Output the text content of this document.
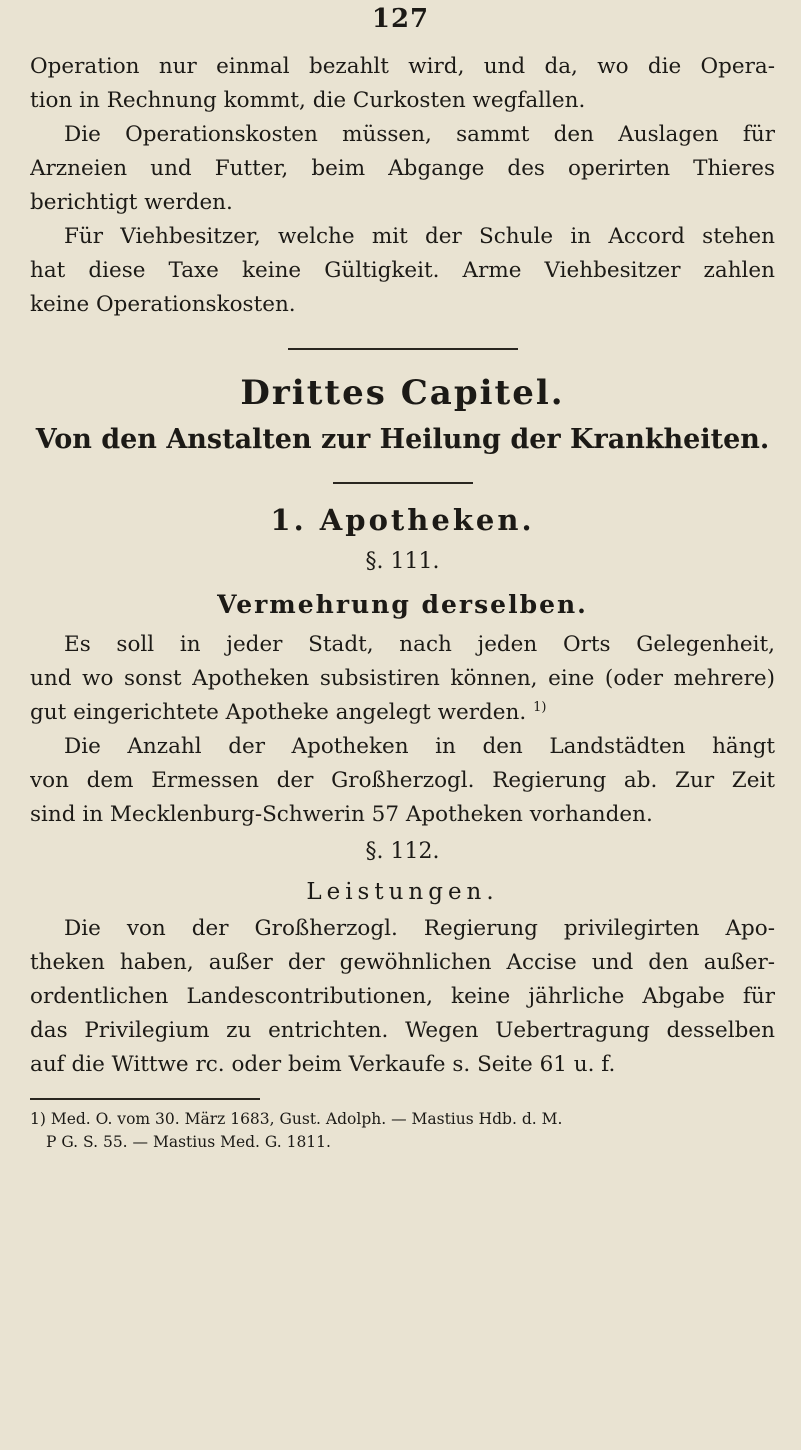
127
Operation nur einmal bezahlt wird, und da, wo die Opera-
tion in Rechnung kommt, die Curkosten wegfallen.
Die Operationskosten müssen, sammt den Auslagen für
Arzneien und Futter, beim Abgange des operirten Thieres
berichtigt werden.
Für Viehbesitzer, welche mit der Schule in Accord stehen
hat diese Taxe keine Gültigkeit. Arme Viehbesitzer zahlen
keine Operationskosten.
Drittes Capitel.
Von den Anstalten zur Heilung der Krankheiten.
1. Apotheken.
§. 111.
Vermehrung derselben.
Es soll in jeder Stadt, nach jeden Orts Gelegenheit,
und wo sonst Apotheken subsistiren können, eine (oder mehrere)
gut eingerichtete Apotheke angelegt werden. $^{1)}$
Die Anzahl der Apotheken in den Landstädten hängt
von dem Ermessen der Großherzogl. Regierung ab. Zur Zeit
sind in Mecklenburg-Schwerin 57 Apotheken vorhanden.
§. 112.
Leistungen.
Die von der Großherzogl. Regierung privilegirten Apo-
theken haben, außer der gewöhnlichen Accise und den außer-
ordentlichen Landescontributionen, keine jährliche Abgabe für
das Privilegium zu entrichten. Wegen Uebertragung desselben
auf die Wittwe rc. oder beim Verkaufe s. Seite 61 u. f.
1) Med. O. vom 30. März 1683, Gust. Adolph. — Mastius Hdb. d. M.
P G. S. 55. — Mastius Med. G. 1811.
